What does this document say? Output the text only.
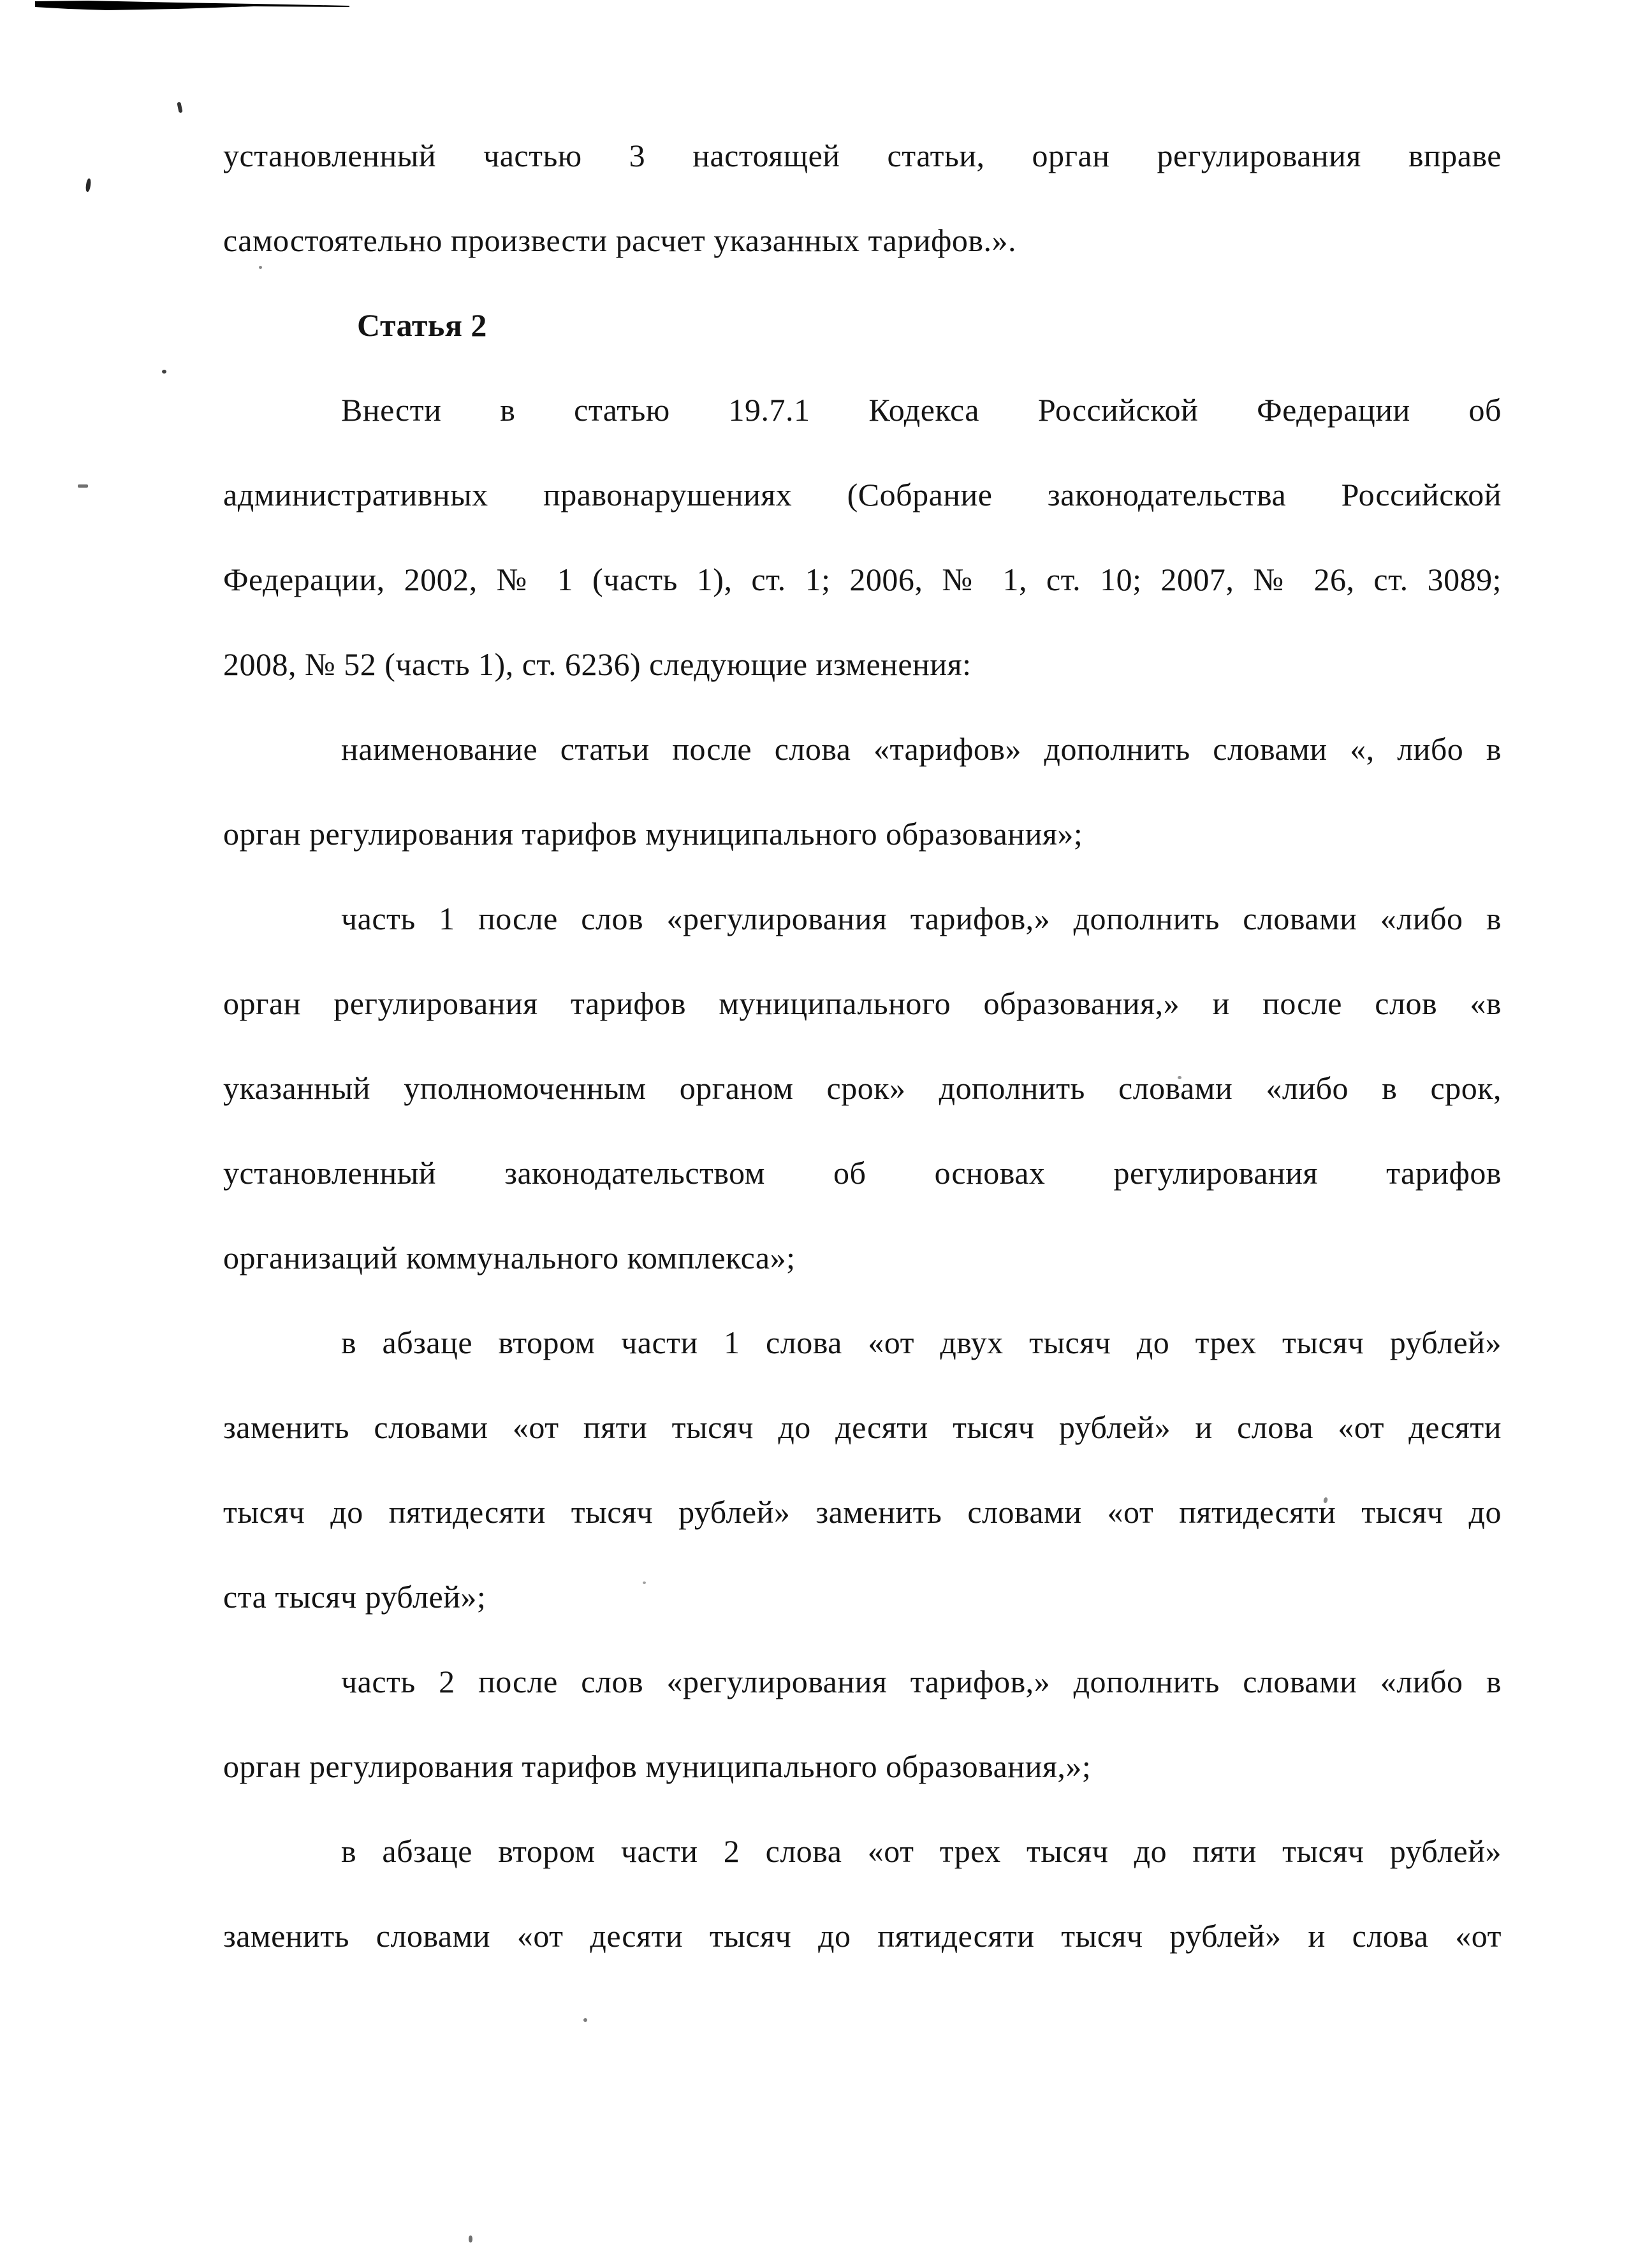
установленный частью 3 настоящей статьи, орган регулирования вправе
самостоятельно произвести расчет указанных тарифов.».
Статья 2
Внести в статью 19.7.1 Кодекса Российской Федерации об
административных правонарушениях (Собрание законодательства Российской
Федерации, 2002, № 1 (часть 1), ст. 1; 2006, № 1, ст. 10; 2007, № 26, ст. 3089;
2008, № 52 (часть 1), ст. 6236) следующие изменения:
наименование статьи после слова «тарифов» дополнить словами «, либо в
орган регулирования тарифов муниципального образования»;
часть 1 после слов «регулирования тарифов,» дополнить словами «либо в
орган регулирования тарифов муниципального образования,» и после слов «в
указанный уполномоченным органом срок» дополнить словами «либо в срок,
установленный законодательством об основах регулирования тарифов
организаций коммунального комплекса»;
в абзаце втором части 1 слова «от двух тысяч до трех тысяч рублей»
заменить словами «от пяти тысяч до десяти тысяч рублей» и слова «от десяти
тысяч до пятидесяти тысяч рублей» заменить словами «от пятидесяти тысяч до
ста тысяч рублей»;
часть 2 после слов «регулирования тарифов,» дополнить словами «либо в
орган регулирования тарифов муниципального образования,»;
в абзаце втором части 2 слова «от трех тысяч до пяти тысяч рублей»
заменить словами «от десяти тысяч до пятидесяти тысяч рублей» и слова «от
